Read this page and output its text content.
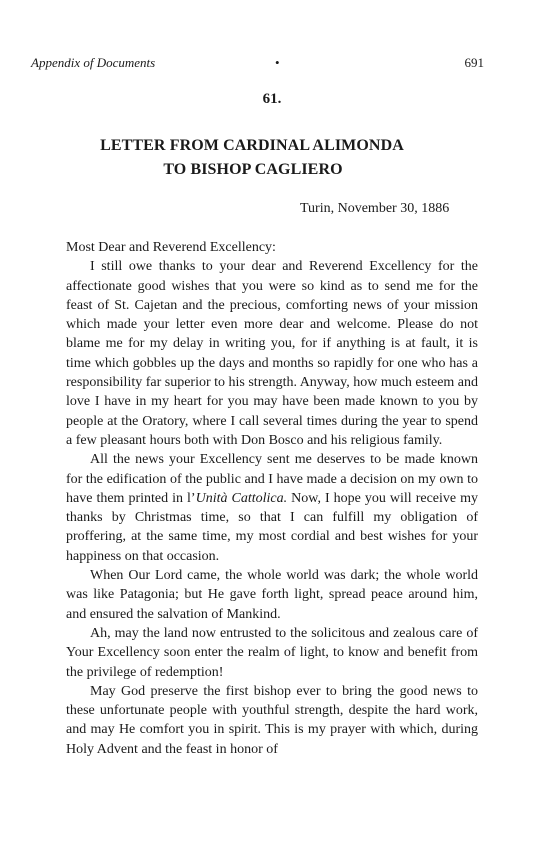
Appendix of Documents	•	691
61.
LETTER FROM CARDINAL ALIMONDA
TO BISHOP CAGLIERO
Turin, November 30, 1886

Most Dear and Reverend Excellency:

I still owe thanks to your dear and Reverend Excellency for the affectionate good wishes that you were so kind as to send me for the feast of St. Cajetan and the precious, comforting news of your mission which made your letter even more dear and welcome. Please do not blame me for my delay in writing you, for if anything is at fault, it is time which gobbles up the days and months so rapidly for one who has a responsibility far superior to his strength. Anyway, how much esteem and love I have in my heart for you may have been made known to you by people at the Oratory, where I call several times during the year to spend a few pleasant hours both with Don Bosco and his religious family.

All the news your Excellency sent me deserves to be made known for the edification of the public and I have made a decision on my own to have them printed in l’Unità Cattolica. Now, I hope you will receive my thanks by Christmas time, so that I can fulfill my obligation of proffering, at the same time, my most cordial and best wishes for your happiness on that occasion.

When Our Lord came, the whole world was dark; the whole world was like Patagonia; but He gave forth light, spread peace around him, and ensured the salvation of Mankind.

Ah, may the land now entrusted to the solicitous and zealous care of Your Excellency soon enter the realm of light, to know and benefit from the privilege of redemption!

May God preserve the first bishop ever to bring the good news to these unfortunate people with youthful strength, despite the hard work, and may He comfort you in spirit. This is my prayer with which, during Holy Advent and the feast in honor of
